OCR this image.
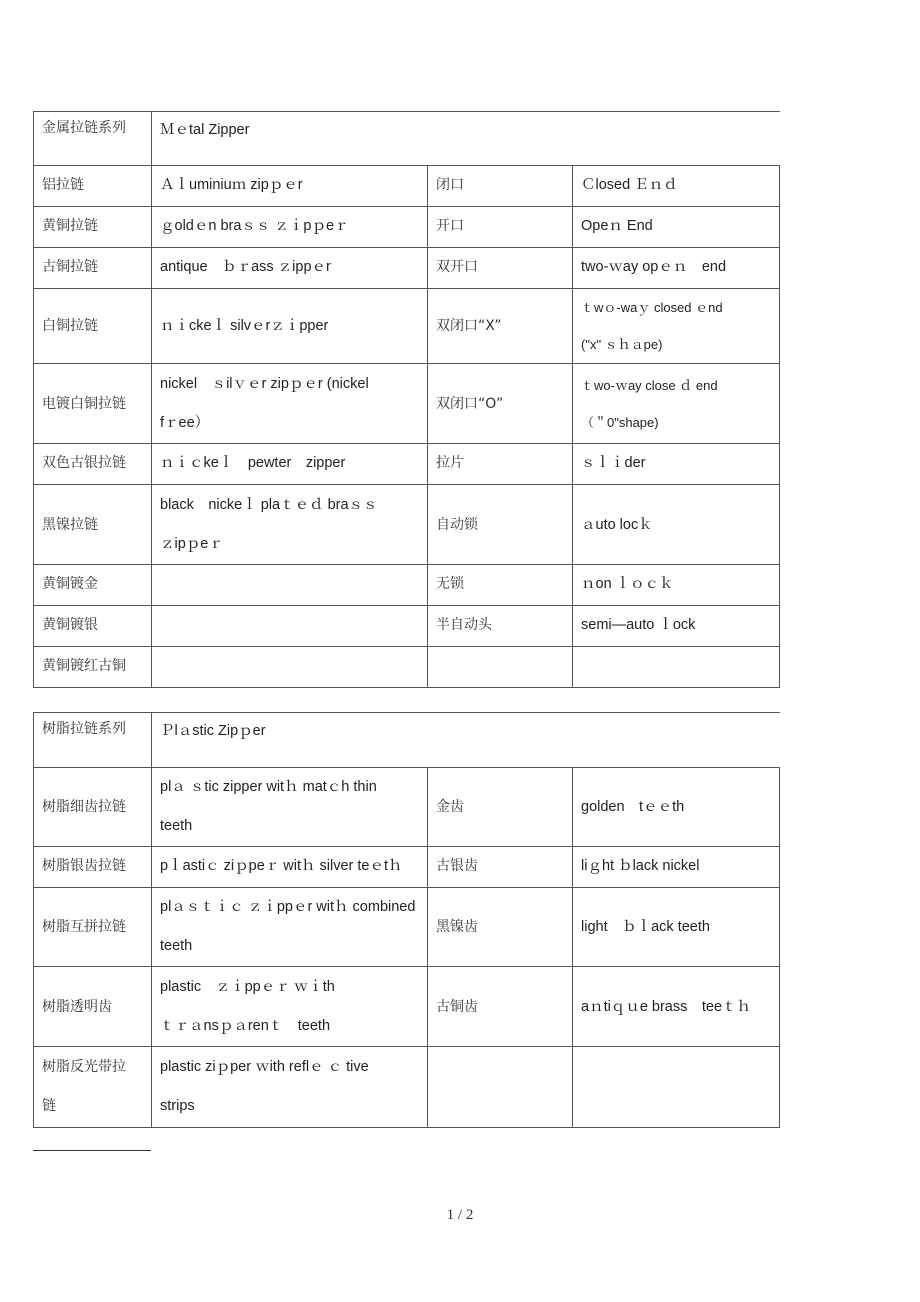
金属拉链系列	Ｍｅtal Zipper		
铝拉链	Ａｌuminiuｍ zipｐｅr	闭口	Ｃlosed Ｅｎｄ
黄铜拉链	ｇoldｅn braｓｓ ｚｉpｐeｒ	开口	Opeｎ End
古铜拉链	antique　ｂｒass ｚippｅr	双开口	two-ｗay opｅｎ　end
白铜拉链	ｎｉckeｌ silvｅrｚｉpper	双闭口“X”	ｔwｏ-waｙ closed ｅnd
("x" ｓｈａpe)
电镀白铜拉链	nickel　ｓilｖｅr zipｐｅr (nickel
fｒee）	双闭口“O”	ｔwo-ｗay close ｄ end
（＂0"shape)
双色古银拉链	ｎｉｃkeｌ　pewter　zipper	拉片	ｓｌｉder
黑镍拉链	black　nickeｌ plaｔｅｄ braｓｓ
ｚipｐeｒ	自动锁	ａuto locｋ
黄铜镀金		无锁	ｎon ｌｏｃｋ
黄铜镀银		半自动头	semi—auto ｌock
黄铜镀红古铜			
树脂拉链系列	Ｐlａstic Zipｐer		
树脂细齿拉链	plａ ｓtic zipper witｈ matｃh thin
teeth	金齿	golden　tｅｅth
树脂银齿拉链	pｌastiｃ ziｐpeｒ witｈ silver teｅtｈ	古银齿	liｇht ｂlack nickel
树脂互拼拉链	plａｓｔｉｃ ｚｉppｅr witｈ combined
teeth	黑镍齿	light　ｂｌack teeth
树脂透明齿	plastic　ｚｉppｅｒ ｗｉth
ｔｒａnsｐａrenｔ　teeth	古铜齿	aｎtiｑｕe brass　teeｔｈ
树脂反光带拉
链	plastic ziｐper ｗith reflｅ ｃ tive
strips		
1 / 2
